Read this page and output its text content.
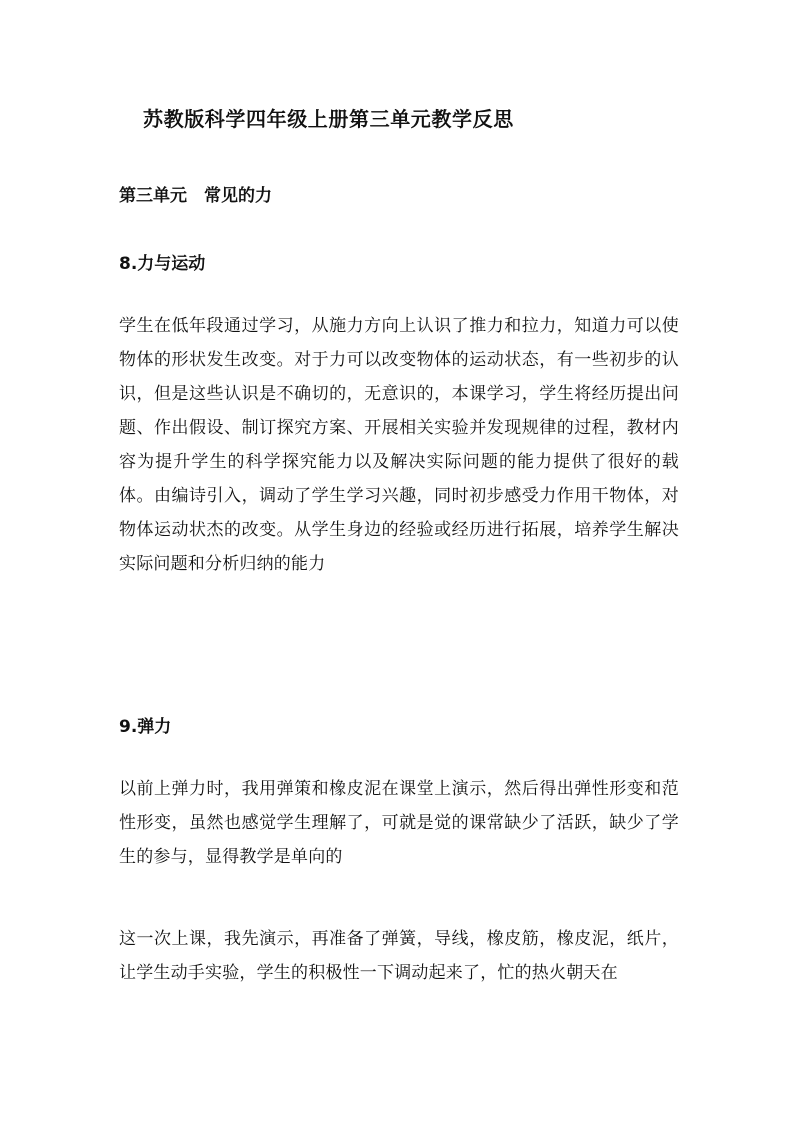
苏教版科学四年级上册第三单元教学反思
第三单元　常见的力
8.力与运动

学生在低年段通过学习，从施力方向上认识了推力和拉力，知道力可以使物体的形状发生改变。对于力可以改变物体的运动状态，有一些初步的认识，但是这些认识是不确切的，无意识的，本课学习，学生将经历提出问题、作出假设、制订探究方案、开展相关实验并发现规律的过程，教材内容为提升学生的科学探究能力以及解决实际问题的能力提供了很好的载体。由编诗引入，调动了学生学习兴趣，同时初步感受力作用干物体，对物体运动状杰的改变。从学生身边的经验或经历进行拓展，培养学生解决实际问题和分析归纳的能力

9.弹力

以前上弹力时，我用弹策和橡皮泥在课堂上演示，然后得出弹性形变和范性形变，虽然也感觉学生理解了，可就是觉的课常缺少了活跃，缺少了学生的参与，显得教学是单向的

这一次上课，我先演示，再准备了弹簧，导线，橡皮筋，橡皮泥，纸片，让学生动手实验，学生的积极性一下调动起来了，忙的热火朝天在
